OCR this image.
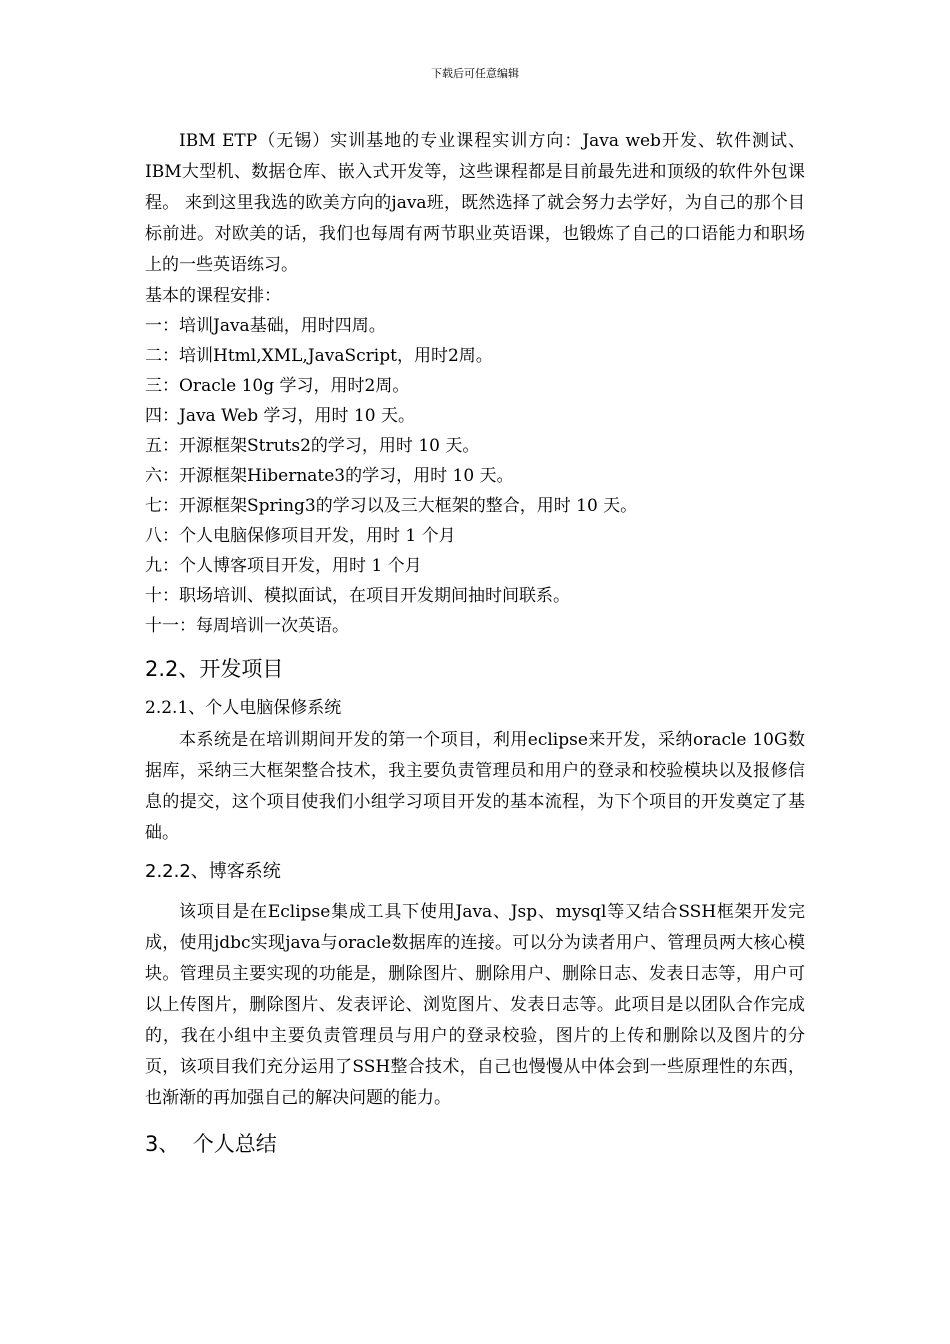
下载后可任意编辑

IBM ETP（无锡）实训基地的专业课程实训方向：Java web开发、软件测试、IBM大型机、数据仓库、嵌入式开发等，这些课程都是目前最先进和顶级的软件外包课程。 来到这里我选的欧美方向的java班，既然选择了就会努力去学好，为自己的那个目标前进。对欧美的话，我们也每周有两节职业英语课，也锻炼了自己的口语能力和职场上的一些英语练习。

基本的课程安排：

一：培训Java基础，用时四周。

二：培训Html,XML,JavaScript，用时2周。

三：Oracle 10g 学习，用时2周。

四：Java Web 学习，用时 10 天。

五：开源框架Struts2的学习，用时 10 天。

六：开源框架Hibernate3的学习，用时 10 天。

七：开源框架Spring3的学习以及三大框架的整合，用时 10 天。

八：个人电脑保修项目开发，用时 1 个月

九：个人博客项目开发，用时 1 个月

十：职场培训、模拟面试，在项目开发期间抽时间联系。

十一：每周培训一次英语。

2.2、开发项目
2.2.1、个人电脑保修系统

本系统是在培训期间开发的第一个项目，利用eclipse来开发，采纳oracle 10G数据库，采纳三大框架整合技术，我主要负责管理员和用户的登录和校验模块以及报修信息的提交，这个项目使我们小组学习项目开发的基本流程，为下个项目的开发奠定了基础。

2.2.2、博客系统

该项目是在Eclipse集成工具下使用Java、Jsp、mysql等又结合SSH框架开发完成，使用jdbc实现java与oracle数据库的连接。可以分为读者用户、管理员两大核心模块。管理员主要实现的功能是，删除图片、删除用户、删除日志、发表日志等，用户可以上传图片，删除图片、发表评论、浏览图片、发表日志等。此项目是以团队合作完成的，我在小组中主要负责管理员与用户的登录校验，图片的上传和删除以及图片的分页，该项目我们充分运用了SSH整合技术，自己也慢慢从中体会到一些原理性的东西，也渐渐的再加强自己的解决问题的能力。

3、  个人总结
